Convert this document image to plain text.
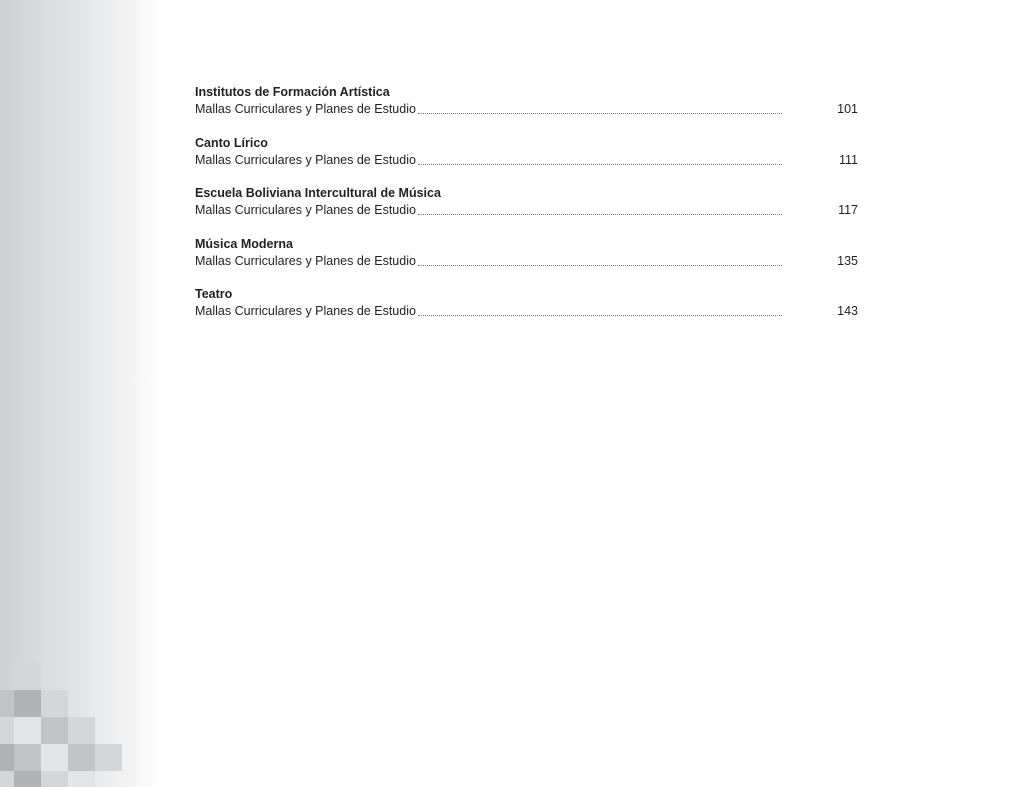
Institutos de Formación Artística
Mallas Curriculares y Planes de Estudio	101
Canto Lírico
Mallas Curriculares y Planes de Estudio	111
Escuela Boliviana Intercultural de Música
Mallas Curriculares y Planes de Estudio	117
Música Moderna
Mallas Curriculares y Planes de Estudio	135
Teatro
Mallas Curriculares y Planes de Estudio	143
